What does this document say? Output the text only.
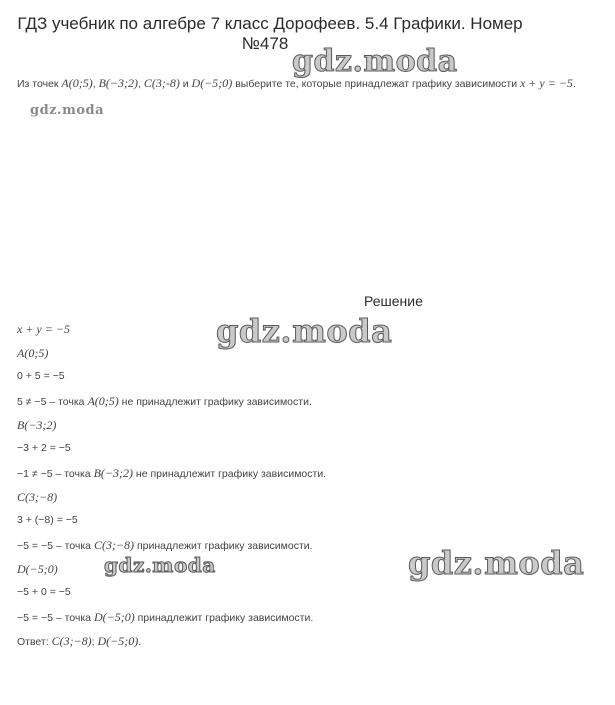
ГДЗ учебник по алгебре 7 класс Дорофеев. 5.4 Графики. Номер
№478
gdz.moda
Из точек A(0;5), B(−3;2), C(3;-8) и D(−5;0) выберите те, которые принадлежат графику зависимости x + y = −5.
gdz.moda
Решение
gdz.moda
x + y = −5
A(0;5)
0 + 5 = −5
5 ≠ −5 – точка A(0;5) не принадлежит графику зависимости.
B(−3;2)
−3 + 2 = −5
−1 ≠ −5 – точка B(−3;2) не принадлежит графику зависимости.
C(3;−8)
3 + (−8) = −5
−5 = −5 – точка C(3;−8) принадлежит графику зависимости.
D(−5;0)
−5 + 0 = −5
−5 = −5 – точка D(−5;0) принадлежит графику зависимости.
Ответ: C(3;−8); D(−5;0).
gdz.moda
gdz.moda
